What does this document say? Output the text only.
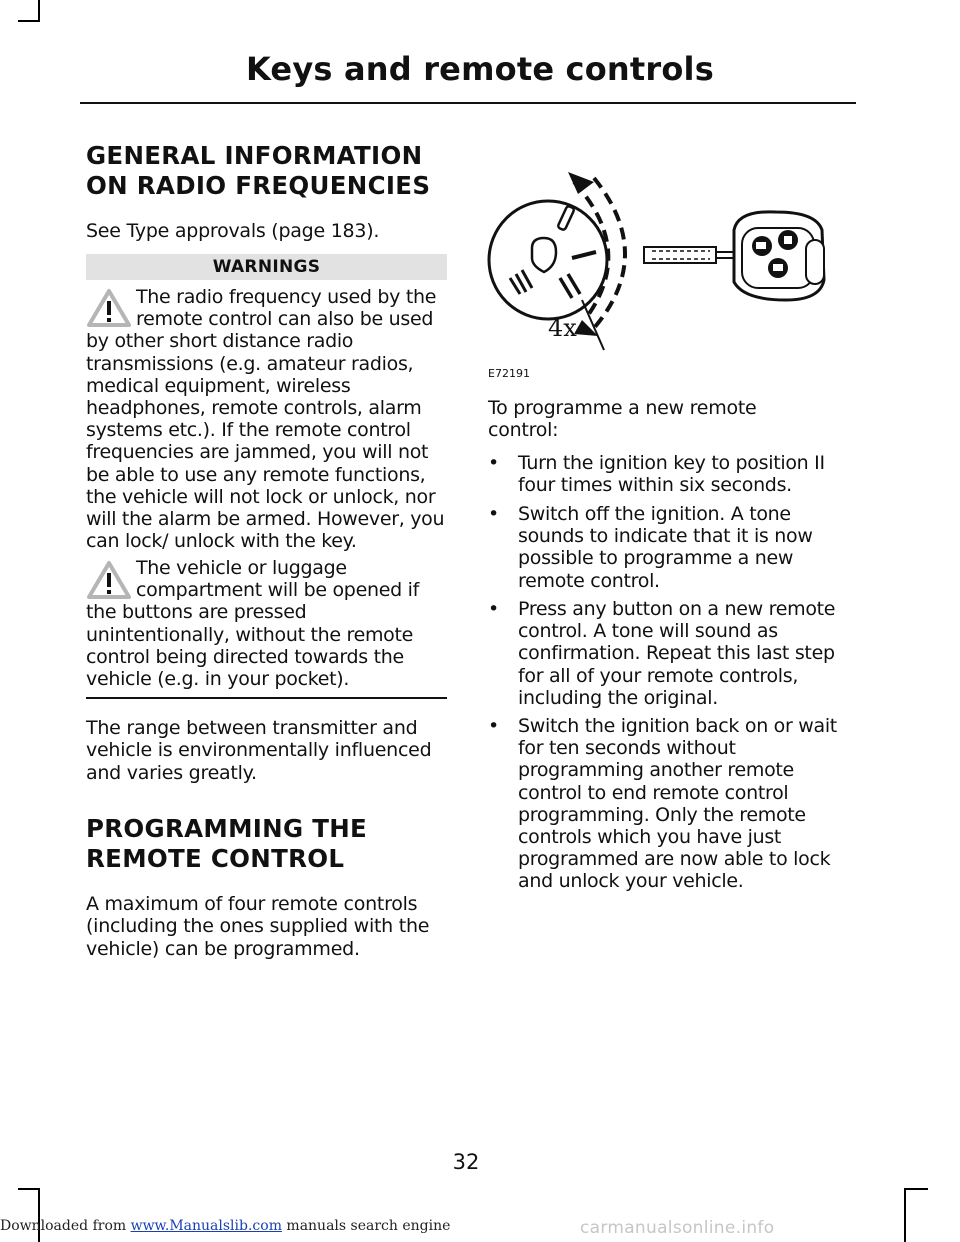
Keys and remote controls
GENERAL INFORMATION
ON RADIO FREQUENCIES
See Type approvals (page 183).
WARNINGS
The radio frequency used by the
remote control can also be used
by other short distance radio transmissions (e.g. amateur radios, medical equipment, wireless headphones, remote controls, alarm systems etc.). If the remote control frequencies are jammed, you will not be able to use any remote functions, the vehicle will not lock or unlock, nor will the alarm be armed. However, you can lock/ unlock with the key.
The vehicle or luggage
compartment will be opened if
the buttons are pressed unintentionally, without the remote control being directed towards the vehicle (e.g. in your pocket).
The range between transmitter and vehicle is environmentally influenced and varies greatly.
PROGRAMMING THE
REMOTE CONTROL
A maximum of four remote controls (including the ones supplied with the vehicle) can be programmed.
4x
E72191
To programme a new remote control:
•	Turn the ignition key to position II four times within six seconds.
•	Switch off the ignition. A tone sounds to indicate that it is now possible to programme a new remote control.
•	Press any button on a new remote control. A tone will sound as confirmation. Repeat this last step for all of your remote controls, including the original.
•	Switch the ignition back on or wait for ten seconds without programming another remote control to end remote control programming. Only the remote controls which you have just programmed are now able to lock and unlock your vehicle.
32
Downloaded from www.Manualslib.com manuals search engine	carmanualsonline.info
